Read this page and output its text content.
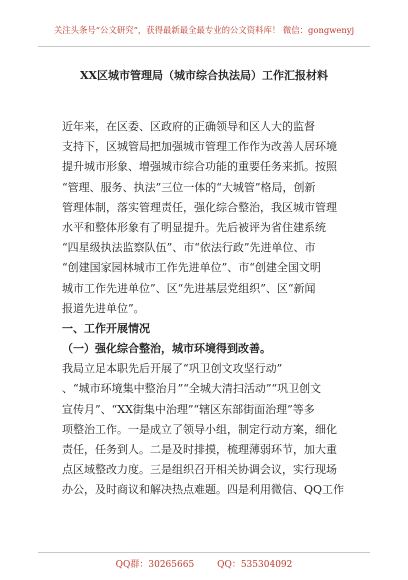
关注头条号“公文研究”，获得最新最全最专业的公文资料库！ 微信：gongwenyj
XX区城市管理局（城市综合执法局）工作汇报材料
近年来，在区委、区政府的正确领导和区人大的监督
支持下，区城管局把加强城市管理工作作为改善人居环境
提升城市形象、增强城市综合功能的重要任务来抓。按照
“管理、服务、执法”三位一体的“大城管”格局，创新
管理体制，落实管理责任，强化综合整治，我区城市管理
水平和整体形象有了明显提升。先后被评为省住建系统
“四星级执法监察队伍”、市“依法行政”先进单位、市
“创建国家园林城市工作先进单位”、市“创建全国文明
城市工作先进单位”、区“先进基层党组织”、区“新闻
报道先进单位”。
一、工作开展情况
（一）强化综合整治，城市环境得到改善。
我局立足本职先后开展了“巩卫创文攻坚行动”
、“城市环境集中整治月”“全城大清扫活动”“巩卫创文
宣传月”、“XX街集中治理”“辖区东部街面治理”等多
项整治工作。一是成立了领导小组，制定行动方案，细化
责任，任务到人。二是及时排摸，梳理薄弱环节，加大重
点区域整改力度。三是组织召开相关协调会议，实行现场
办公，及时商议和解决热点难题。四是利用微信、QQ工作
QQ群：30265665	QQ：535304092
